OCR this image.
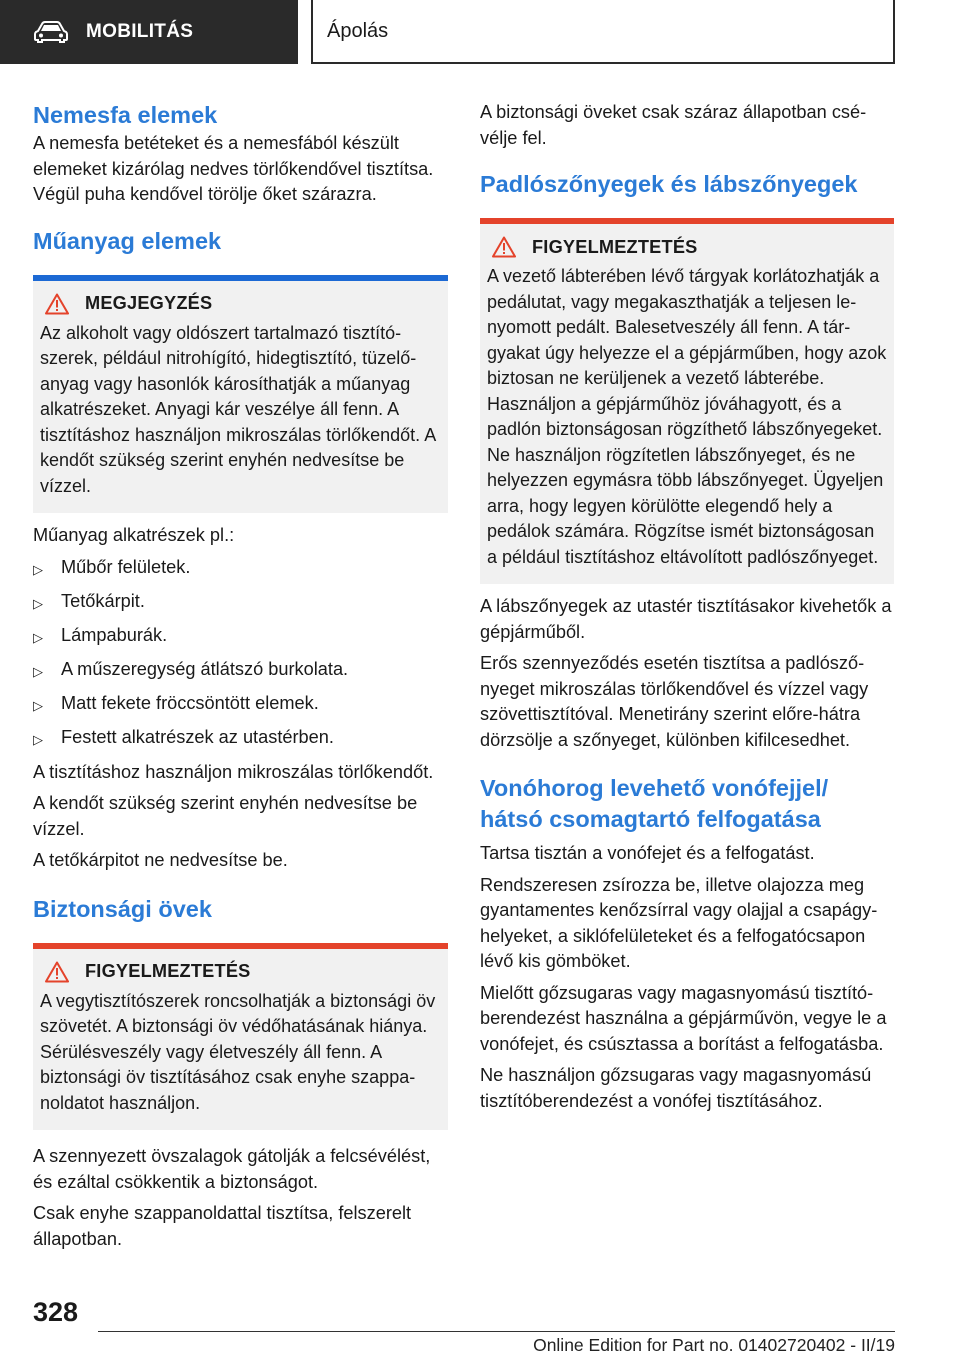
MOBILITÁS	Ápolás
Nemesfa elemek

A nemesfa betéteket és a nemesfából készült elemeket kizárólag nedves törlőkendővel tisztítsa. Végül puha kendővel törölje őket szárazra.

Műanyag elemek
MEGJEGYZÉS

Az alkoholt vagy oldószert tartalmazó tisztítószerek, például nitrohígító, hidegtisztító, tüzelőanyag vagy hasonlók károsíthatják a műanyag alkatrészeket. Anyagi kár veszélye áll fenn. A tisztításhoz használjon mikroszálas törlőkendőt. A kendőt szükség szerint enyhén nedvesítse be vízzel.

Műanyag alkatrészek pl.:

▷ Műbőr felületek.
▷ Tetőkárpit.
▷ Lámpaburák.
▷ A műszeregység átlátszó burkolata.
▷ Matt fekete fröccsöntött elemek.
▷ Festett alkatrészek az utastérben.

A tisztításhoz használjon mikroszálas törlőkendőt.

A kendőt szükség szerint enyhén nedvesítse be vízzel.

A tetőkárpitot ne nedvesítse be.

Biztonsági övek
FIGYELMEZTETÉS

A vegytisztítószerek roncsolhatják a biztonsági öv szövetét. A biztonsági öv védőhatásának hiánya. Sérülésveszély vagy életveszély áll fenn. A biztonsági öv tisztításához csak enyhe szappanoldatot használjon.

A szennyezett övszalagok gátolják a felcsévélést, és ezáltal csökkentik a biztonságot.

Csak enyhe szappanoldattal tisztítsa, felszerelt állapotban.

A biztonsági öveket csak száraz állapotban csévélje fel.

Padlószőnyegek és lábszőnyegek
FIGYELMEZTETÉS

A vezető lábterében lévő tárgyak korlátozhatják a pedálutat, vagy megakaszthatják a teljesen lenyomott pedált. Balesetveszély áll fenn. A tárgyakat úgy helyezze el a gépjárműben, hogy azok biztosan ne kerüljenek a vezető lábterébe. Használjon a gépjárműhöz jóváhagyott, és a padlón biztonságosan rögzíthető lábszőnyegeket. Ne használjon rögzítetlen lábszőnyeget, és ne helyezzen egymásra több lábszőnyeget. Ügyeljen arra, hogy legyen körülötte elegendő hely a pedálok számára. Rögzítse ismét biztonságosan a például tisztításhoz eltávolított padlószőnyeget.

A lábszőnyegek az utastér tisztításakor kivehetők a gépjárműből.

Erős szennyeződés esetén tisztítsa a padlószőnyeget mikroszálas törlőkendővel és vízzel vagy szövettisztítóval. Menetirány szerint előre-hátra dörzsölje a szőnyeget, különben kifilcesedhet.

Vonóhorog levehető vonófejjel/ hátsó csomagtartó felfogatása

Tartsa tisztán a vonófejet és a felfogatást.

Rendszeresen zsírozza be, illetve olajozza meg gyantamentes kenőzsírral vagy olajjal a csapágyhelyeket, a siklófelületeket és a felfogatócsapon lévő kis gömböket.

Mielőtt gőzsugaras vagy magasnyomású tisztítóberendezést használna a gépjárművön, vegye le a vonófejet, és csúsztassa a borítást a felfogatásba.

Ne használjon gőzsugaras vagy magasnyomású tisztítóberendezést a vonófej tisztításához.

328
Online Edition for Part no. 01402720402 - II/19
